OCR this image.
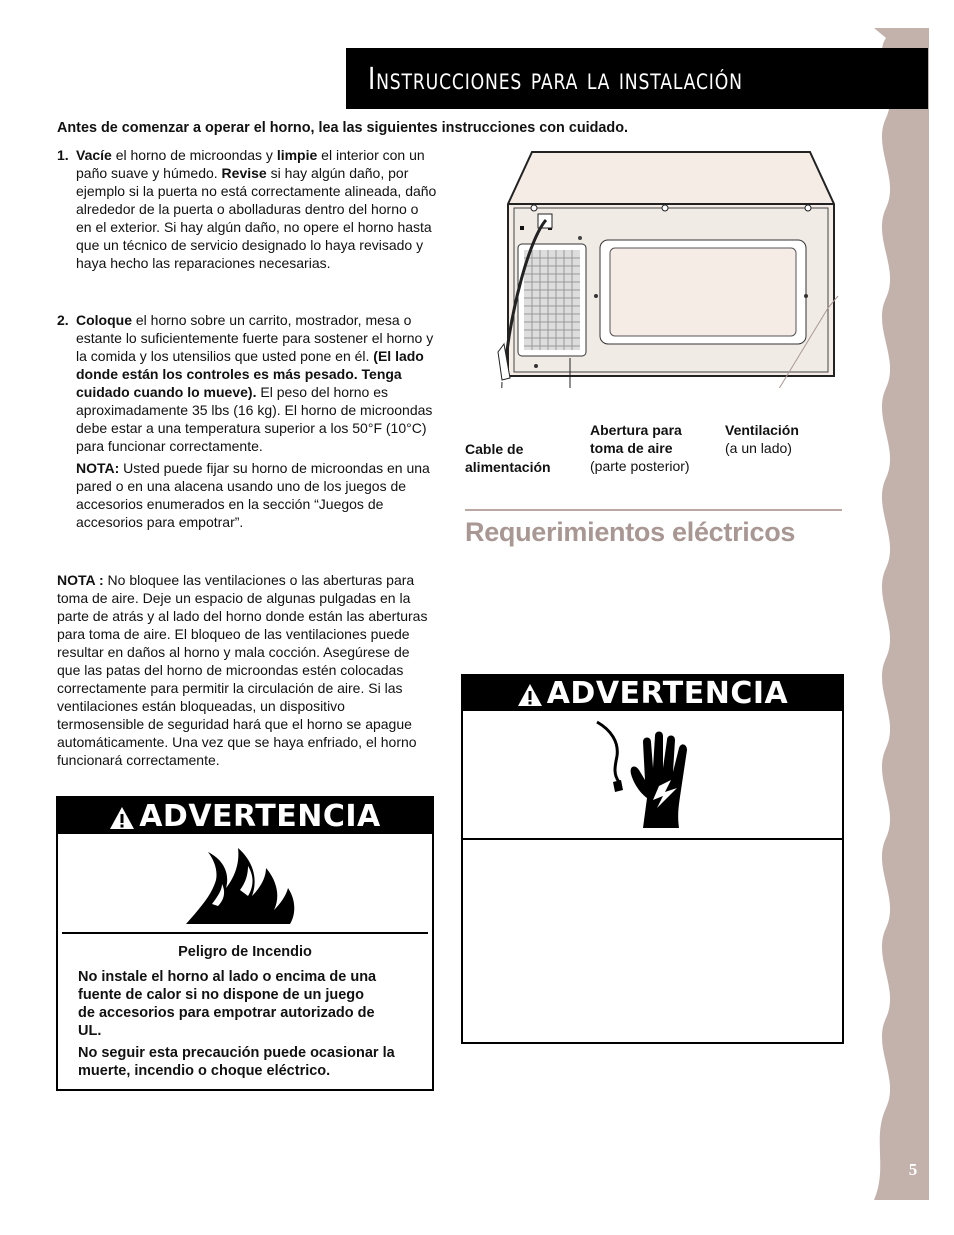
5
Instrucciones para la instalación
Antes de comenzar a operar el horno, lea las siguientes instrucciones con cuidado.
1. Vacíe el horno de microondas y limpie el interior con un paño suave y húmedo. Revise si hay algún daño, por ejemplo si la puerta no está correctamente alineada, daño alrededor de la puerta o abolladuras dentro del horno o en el exterior. Si hay algún daño, no opere el horno hasta que un técnico de servicio designado lo haya revisado y haya hecho las reparaciones necesarias.
2. Coloque el horno sobre un carrito, mostrador, mesa o estante lo suficientemente fuerte para sostener el horno y la comida y los utensilios que usted pone en él. (El lado donde están los controles es más pesado. Tenga cuidado cuando lo mueve). El peso del horno es aproximadamente 35 lbs (16 kg). El horno de microondas debe estar a una temperatura superior a los 50°F (10°C) para funcionar correctamente.
NOTA: Usted puede fijar su horno de microondas en una pared o en una alacena usando uno de los juegos de accesorios enumerados en la sección “Juegos de accesorios para empotrar”.
NOTA : No bloquee las ventilaciones o las aberturas para toma de aire. Deje un espacio de algunas pulgadas en la parte de atrás y al lado del horno donde están las aberturas para toma de aire. El bloqueo de las ventilaciones puede resultar en daños al horno y mala cocción. Asegúrese de que las patas del horno de microondas estén colocadas correctamente para permitir la circulación de aire. Si las ventilaciones están bloqueadas, un dispositivo termosensible de seguridad hará que el horno se apague automáticamente. Una vez que se haya enfriado, el horno funcionará correctamente.
ADVERTENCIA
Peligro de Incendio
No instale el horno al lado o encima de una fuente de calor si no dispone de un juego de accesorios para empotrar autorizado de UL.
No seguir esta precaución puede ocasionar la muerte, incendio o choque eléctrico.
Cable de
alimentación
Abertura para
toma de aire
(parte posterior)
Ventilación
(a un lado)
Requerimientos eléctricos
ADVERTENCIA
